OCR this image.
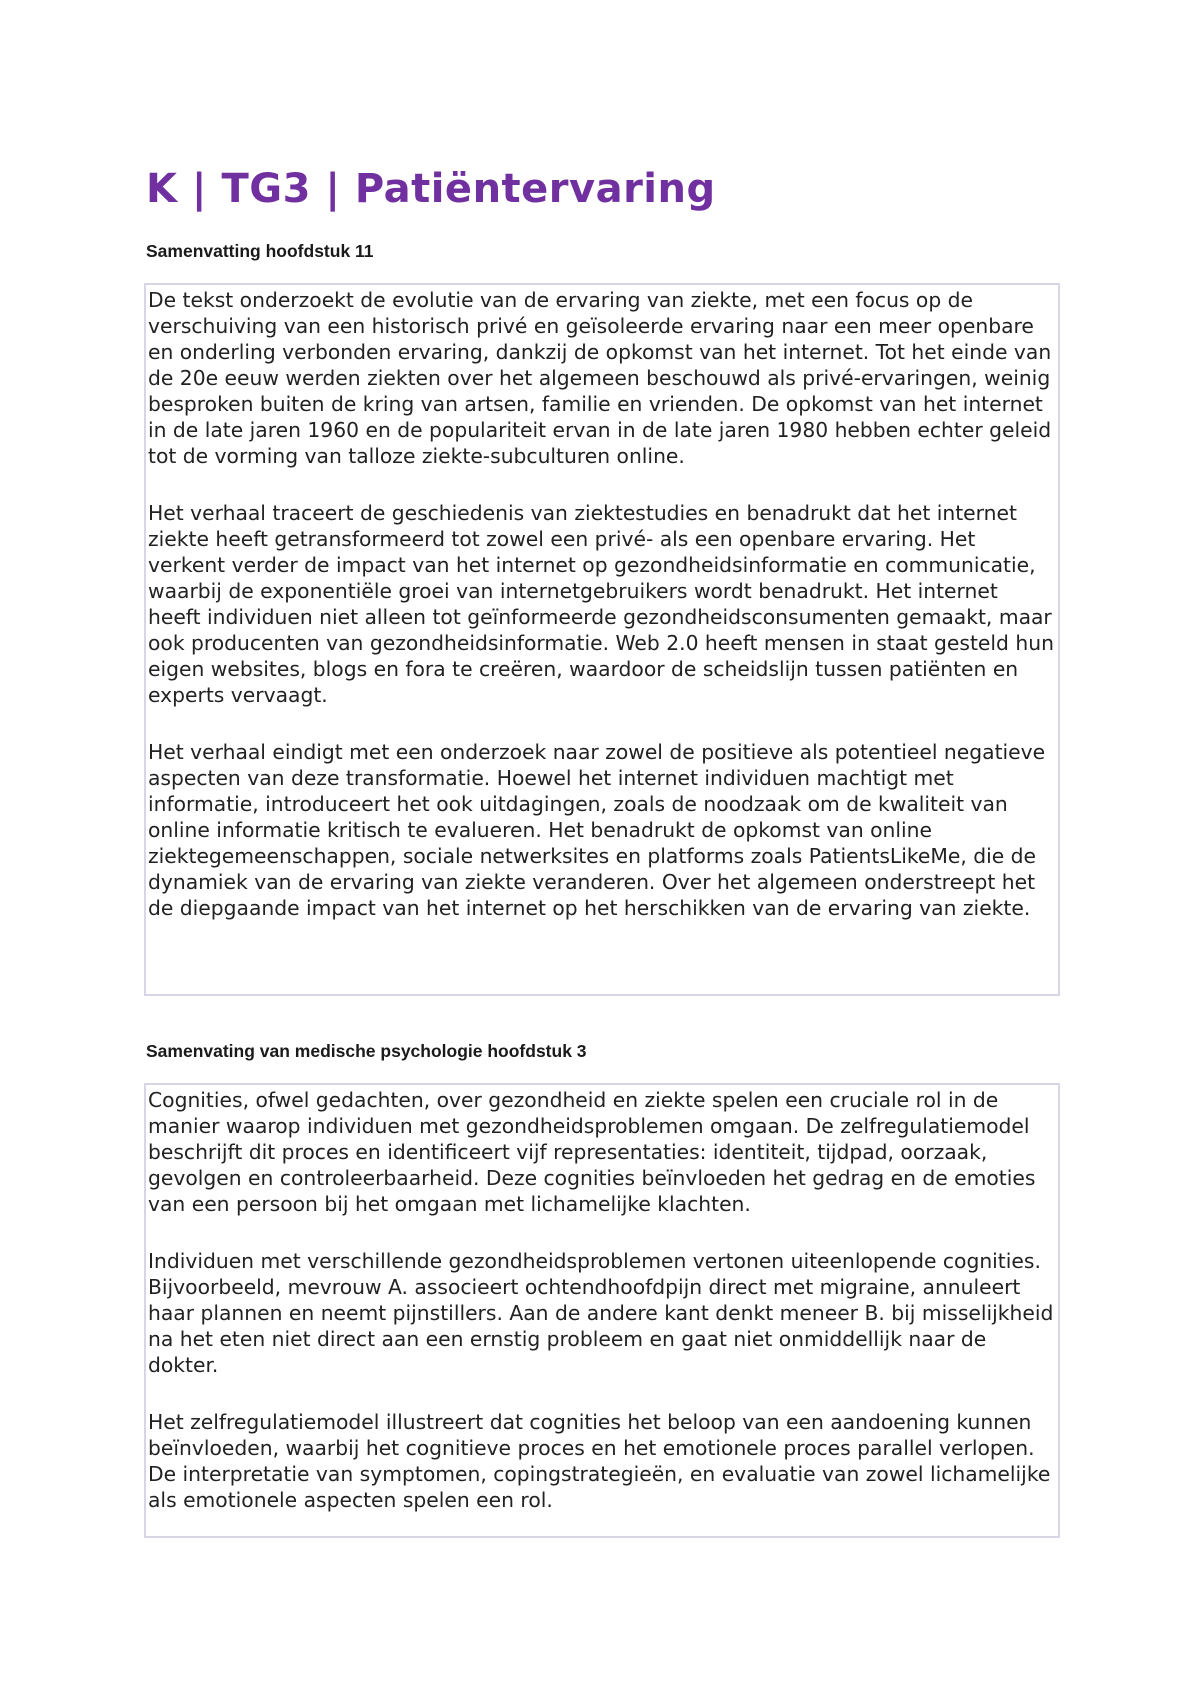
K | TG3 | Patiëntervaring
Samenvatting hoofdstuk 11

De tekst onderzoekt de evolutie van de ervaring van ziekte, met een focus op de verschuiving van een historisch privé en geïsoleerde ervaring naar een meer openbare en onderling verbonden ervaring, dankzij de opkomst van het internet. Tot het einde van de 20e eeuw werden ziekten over het algemeen beschouwd als privé-ervaringen, weinig besproken buiten de kring van artsen, familie en vrienden. De opkomst van het internet in de late jaren 1960 en de populariteit ervan in de late jaren 1980 hebben echter geleid tot de vorming van talloze ziekte-subculturen online.

Het verhaal traceert de geschiedenis van ziektestudies en benadrukt dat het internet ziekte heeft getransformeerd tot zowel een privé- als een openbare ervaring. Het verkent verder de impact van het internet op gezondheidsinformatie en communicatie, waarbij de exponentiële groei van internetgebruikers wordt benadrukt. Het internet heeft individuen niet alleen tot geïnformeerde gezondheidsconsumenten gemaakt, maar ook producenten van gezondheidsinformatie. Web 2.0 heeft mensen in staat gesteld hun eigen websites, blogs en fora te creëren, waardoor de scheidslijn tussen patiënten en experts vervaagt.

Het verhaal eindigt met een onderzoek naar zowel de positieve als potentieel negatieve aspecten van deze transformatie. Hoewel het internet individuen machtigt met informatie, introduceert het ook uitdagingen, zoals de noodzaak om de kwaliteit van online informatie kritisch te evalueren. Het benadrukt de opkomst van online ziektegemeenschappen, sociale netwerksites en platforms zoals PatientsLikeMe, die de dynamiek van de ervaring van ziekte veranderen. Over het algemeen onderstreept het de diepgaande impact van het internet op het herschikken van de ervaring van ziekte.

Samenvating van medische psychologie hoofdstuk 3

Cognities, ofwel gedachten, over gezondheid en ziekte spelen een cruciale rol in de manier waarop individuen met gezondheidsproblemen omgaan. De zelfregulatiemodel beschrijft dit proces en identificeert vijf representaties: identiteit, tijdpad, oorzaak, gevolgen en controleerbaarheid. Deze cognities beïnvloeden het gedrag en de emoties van een persoon bij het omgaan met lichamelijke klachten.

Individuen met verschillende gezondheidsproblemen vertonen uiteenlopende cognities. Bijvoorbeeld, mevrouw A. associeert ochtendhoofdpijn direct met migraine, annuleert haar plannen en neemt pijnstillers. Aan de andere kant denkt meneer B. bij misselijkheid na het eten niet direct aan een ernstig probleem en gaat niet onmiddellijk naar de dokter.

Het zelfregulatiemodel illustreert dat cognities het beloop van een aandoening kunnen beïnvloeden, waarbij het cognitieve proces en het emotionele proces parallel verlopen. De interpretatie van symptomen, copingstrategieën, en evaluatie van zowel lichamelijke als emotionele aspecten spelen een rol.
